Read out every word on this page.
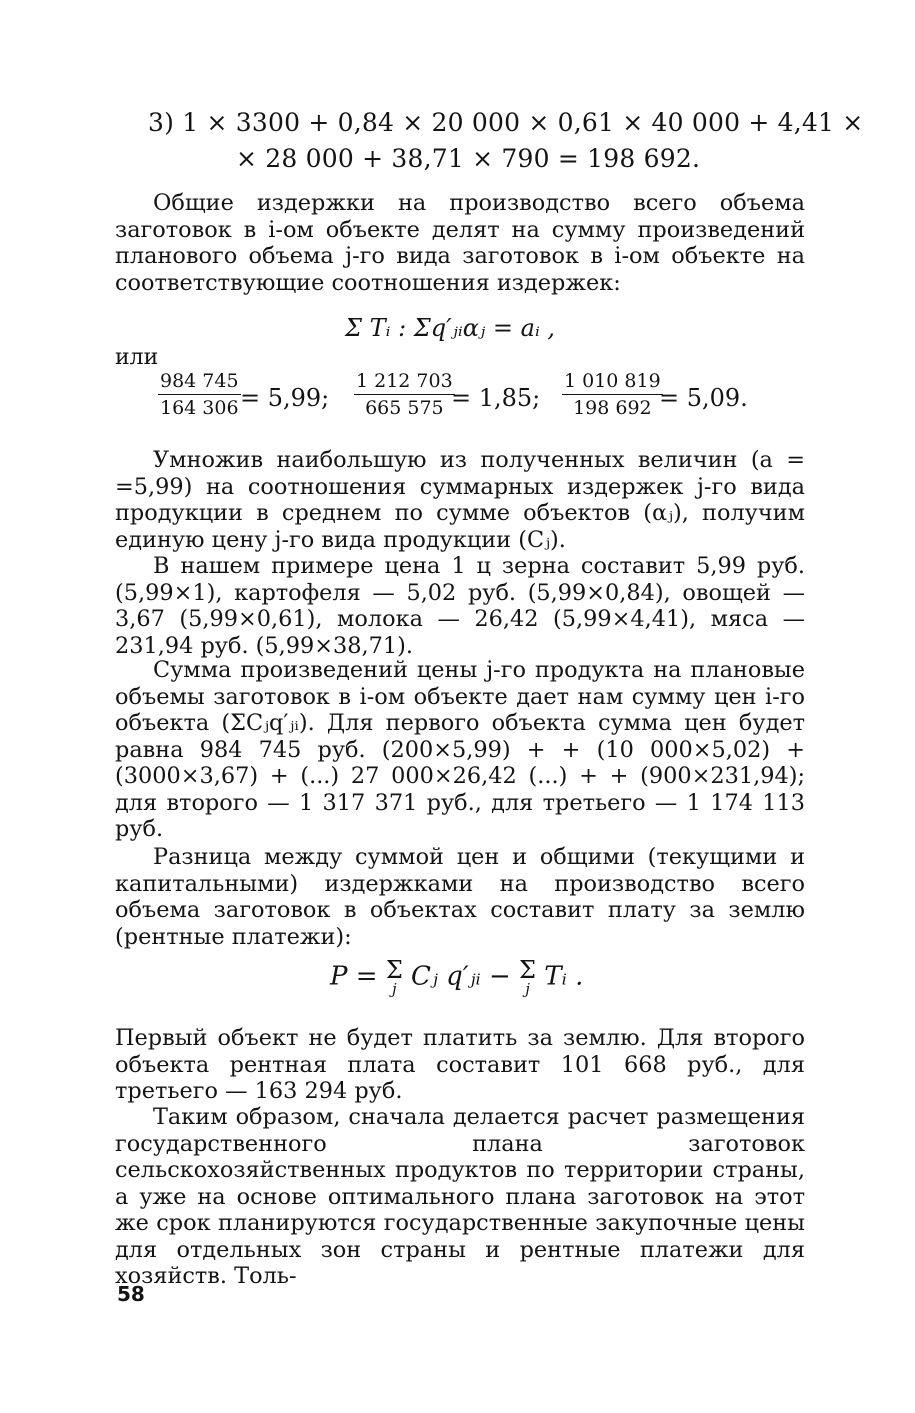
3) 1 × 3300 + 0,84 × 20 000 × 0,61 × 40 000 + 4,41 ×
× 28 000 + 38,71 × 790 = 198 692.

Общие издержки на производство всего объема заготовок в i-ом объекте делят на сумму произведений планового объема j-го вида заготовок в i-ом объекте на соответствующие соотношения издержек:

Σ Tᵢ : Σq′ⱼᵢαⱼ = aᵢ ,
или
$\frac{984 745}{164 306} = 5,99$; $\frac{1 212 703}{665 575}$
= 1,85; $\frac{1 010 819}{198 692}$
= 5,09.

Умножив наибольшую из полученных величин (a = =5,99) на соотношения суммарных издержек j-го вида продукции в среднем по сумме объектов (αⱼ), получим единую цену j-го вида продукции (Cⱼ).

В нашем примере цена 1 ц зерна составит 5,99 руб. (5,99×1), картофеля — 5,02 руб. (5,99×0,84), овощей — 3,67 (5,99×0,61), молока — 26,42 (5,99×4,41), мяса — 231,94 руб. (5,99×38,71).

Сумма произведений цены j-го продукта на плановые объемы заготовок в i-ом объекте дает нам сумму цен i-го объекта (ΣCⱼq′ⱼᵢ). Для первого объекта сумма цен будет равна 984 745 руб. (200×5,99) + + (10 000×5,02) + (3000×3,67) + (...) 27 000×26,42 (...) + + (900×231,94); для второго — 1 317 371 руб., для третьего — 1 174 113 руб.

Разница между суммой цен и общими (текущими и капитальными) издержками на производство всего объема заготовок в объектах составит плату за землю (рентные платежи):

P = Σ
j Cⱼ q′ⱼᵢ − Σ
j Tᵢ .

Первый объект не будет платить за землю. Для второго объекта рентная плата составит 101 668 руб., для третьего — 163 294 руб.

Таким образом, сначала делается расчет размещения государственного плана заготовок сельскохозяйственных продуктов по территории страны, а уже на основе оптимального плана заготовок на этот же срок планируются государственные закупочные цены для отдельных зон страны и рентные платежи для хозяйств. Толь-

58
